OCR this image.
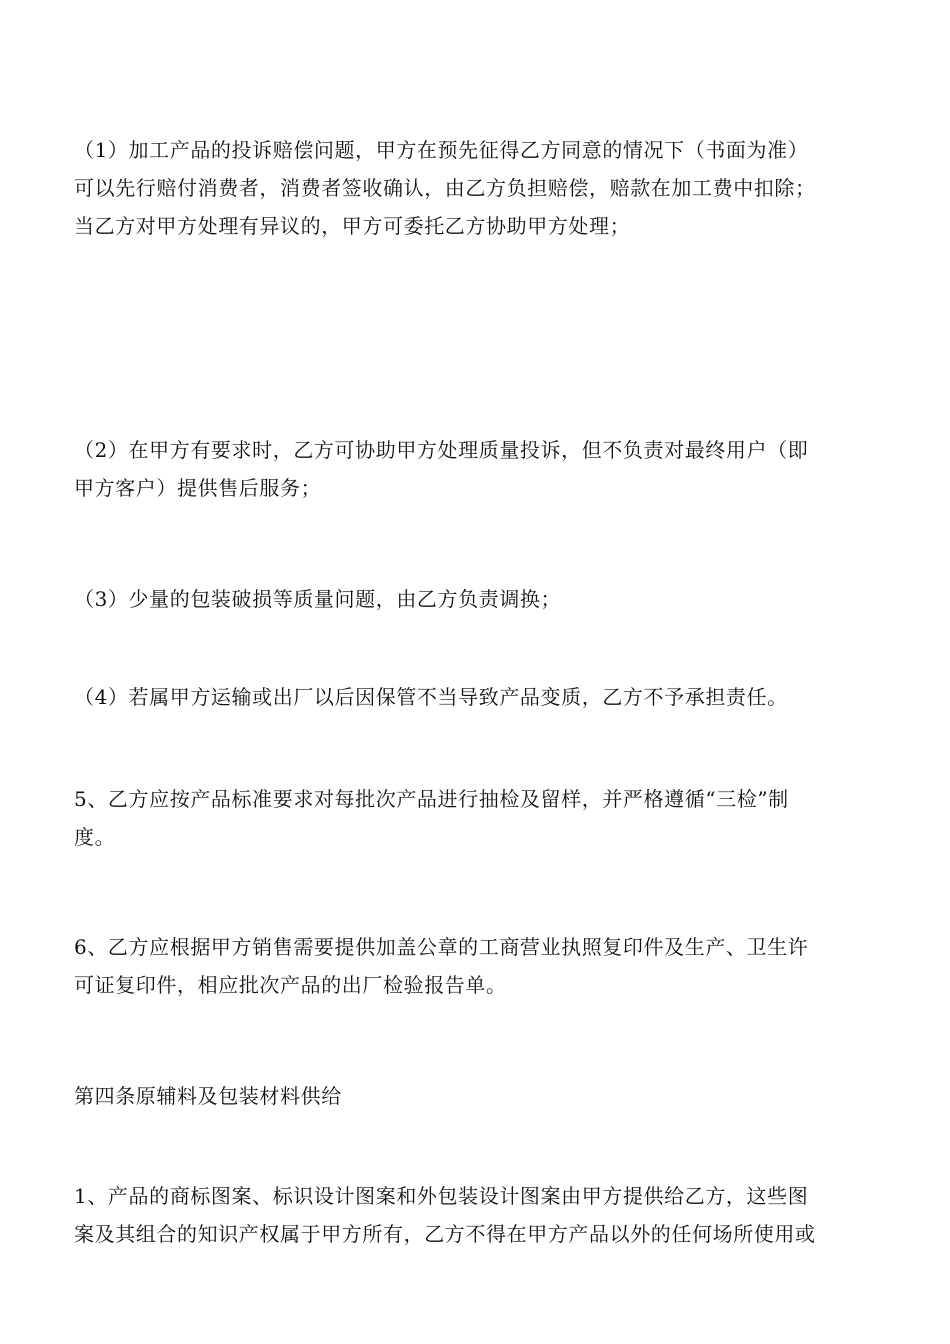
（1）加工产品的投诉赔偿问题，甲方在预先征得乙方同意的情况下（书面为准）
可以先行赔付消费者，消费者签收确认，由乙方负担赔偿，赔款在加工费中扣除；
当乙方对甲方处理有异议的，甲方可委托乙方协助甲方处理；
（2）在甲方有要求时，乙方可协助甲方处理质量投诉，但不负责对最终用户（即
甲方客户）提供售后服务；
（3）少量的包装破损等质量问题，由乙方负责调换；
（4）若属甲方运输或出厂以后因保管不当导致产品变质，乙方不予承担责任。
5、乙方应按产品标准要求对每批次产品进行抽检及留样，并严格遵循“三检”制
度。
6、乙方应根据甲方销售需要提供加盖公章的工商营业执照复印件及生产、卫生许
可证复印件，相应批次产品的出厂检验报告单。
第四条原辅料及包装材料供给
1、产品的商标图案、标识设计图案和外包装设计图案由甲方提供给乙方，这些图
案及其组合的知识产权属于甲方所有，乙方不得在甲方产品以外的任何场所使用或
